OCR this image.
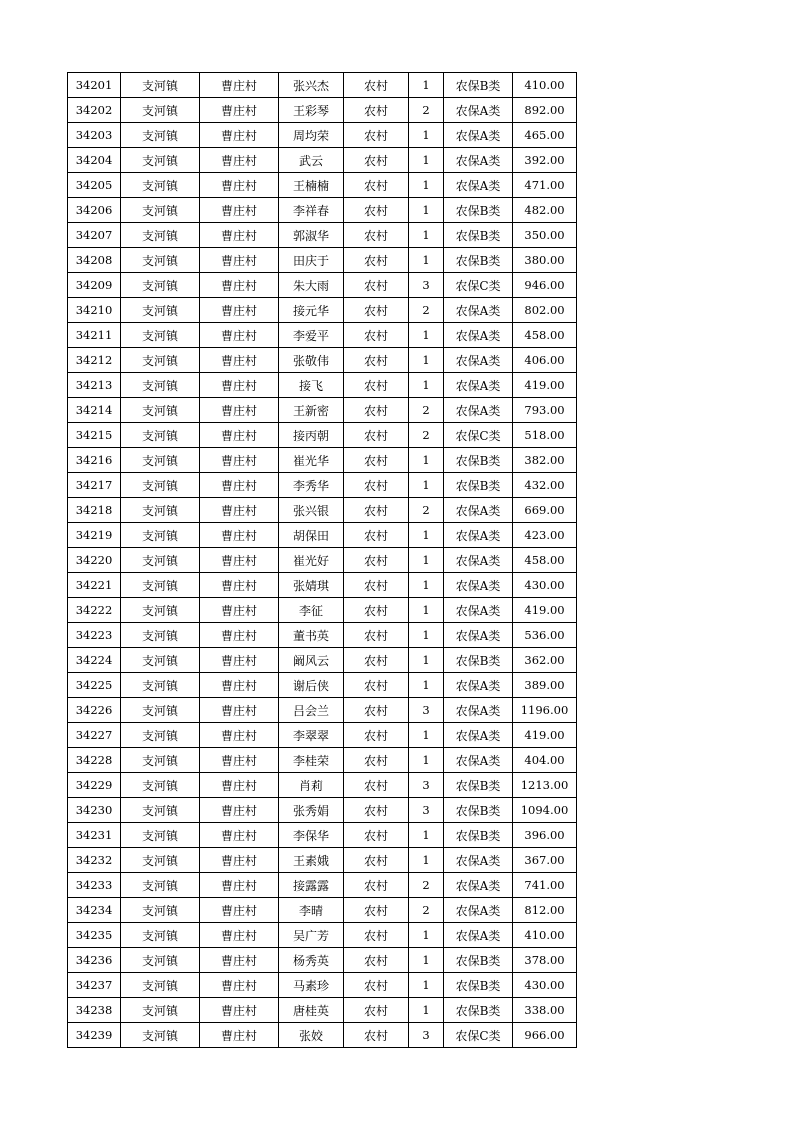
34201	支河镇	曹庄村	张兴杰	农村	1	农保B类	410.00
34202	支河镇	曹庄村	王彩琴	农村	2	农保A类	892.00
34203	支河镇	曹庄村	周均荣	农村	1	农保A类	465.00
34204	支河镇	曹庄村	武云	农村	1	农保A类	392.00
34205	支河镇	曹庄村	王楠楠	农村	1	农保A类	471.00
34206	支河镇	曹庄村	李祥春	农村	1	农保B类	482.00
34207	支河镇	曹庄村	郭淑华	农村	1	农保B类	350.00
34208	支河镇	曹庄村	田庆于	农村	1	农保B类	380.00
34209	支河镇	曹庄村	朱大雨	农村	3	农保C类	946.00
34210	支河镇	曹庄村	接元华	农村	2	农保A类	802.00
34211	支河镇	曹庄村	李爱平	农村	1	农保A类	458.00
34212	支河镇	曹庄村	张敬伟	农村	1	农保A类	406.00
34213	支河镇	曹庄村	接飞	农村	1	农保A类	419.00
34214	支河镇	曹庄村	王新密	农村	2	农保A类	793.00
34215	支河镇	曹庄村	接丙朝	农村	2	农保C类	518.00
34216	支河镇	曹庄村	崔光华	农村	1	农保B类	382.00
34217	支河镇	曹庄村	李秀华	农村	1	农保B类	432.00
34218	支河镇	曹庄村	张兴银	农村	2	农保A类	669.00
34219	支河镇	曹庄村	胡保田	农村	1	农保A类	423.00
34220	支河镇	曹庄村	崔光好	农村	1	农保A类	458.00
34221	支河镇	曹庄村	张婧琪	农村	1	农保A类	430.00
34222	支河镇	曹庄村	李征	农村	1	农保A类	419.00
34223	支河镇	曹庄村	董书英	农村	1	农保A类	536.00
34224	支河镇	曹庄村	阚风云	农村	1	农保B类	362.00
34225	支河镇	曹庄村	谢后侠	农村	1	农保A类	389.00
34226	支河镇	曹庄村	吕会兰	农村	3	农保A类	1196.00
34227	支河镇	曹庄村	李翠翠	农村	1	农保A类	419.00
34228	支河镇	曹庄村	李桂荣	农村	1	农保A类	404.00
34229	支河镇	曹庄村	肖莉	农村	3	农保B类	1213.00
34230	支河镇	曹庄村	张秀娟	农村	3	农保B类	1094.00
34231	支河镇	曹庄村	李保华	农村	1	农保B类	396.00
34232	支河镇	曹庄村	王素娥	农村	1	农保A类	367.00
34233	支河镇	曹庄村	接露露	农村	2	农保A类	741.00
34234	支河镇	曹庄村	李晴	农村	2	农保A类	812.00
34235	支河镇	曹庄村	吴广芳	农村	1	农保A类	410.00
34236	支河镇	曹庄村	杨秀英	农村	1	农保B类	378.00
34237	支河镇	曹庄村	马素珍	农村	1	农保B类	430.00
34238	支河镇	曹庄村	唐桂英	农村	1	农保B类	338.00
34239	支河镇	曹庄村	张姣	农村	3	农保C类	966.00
